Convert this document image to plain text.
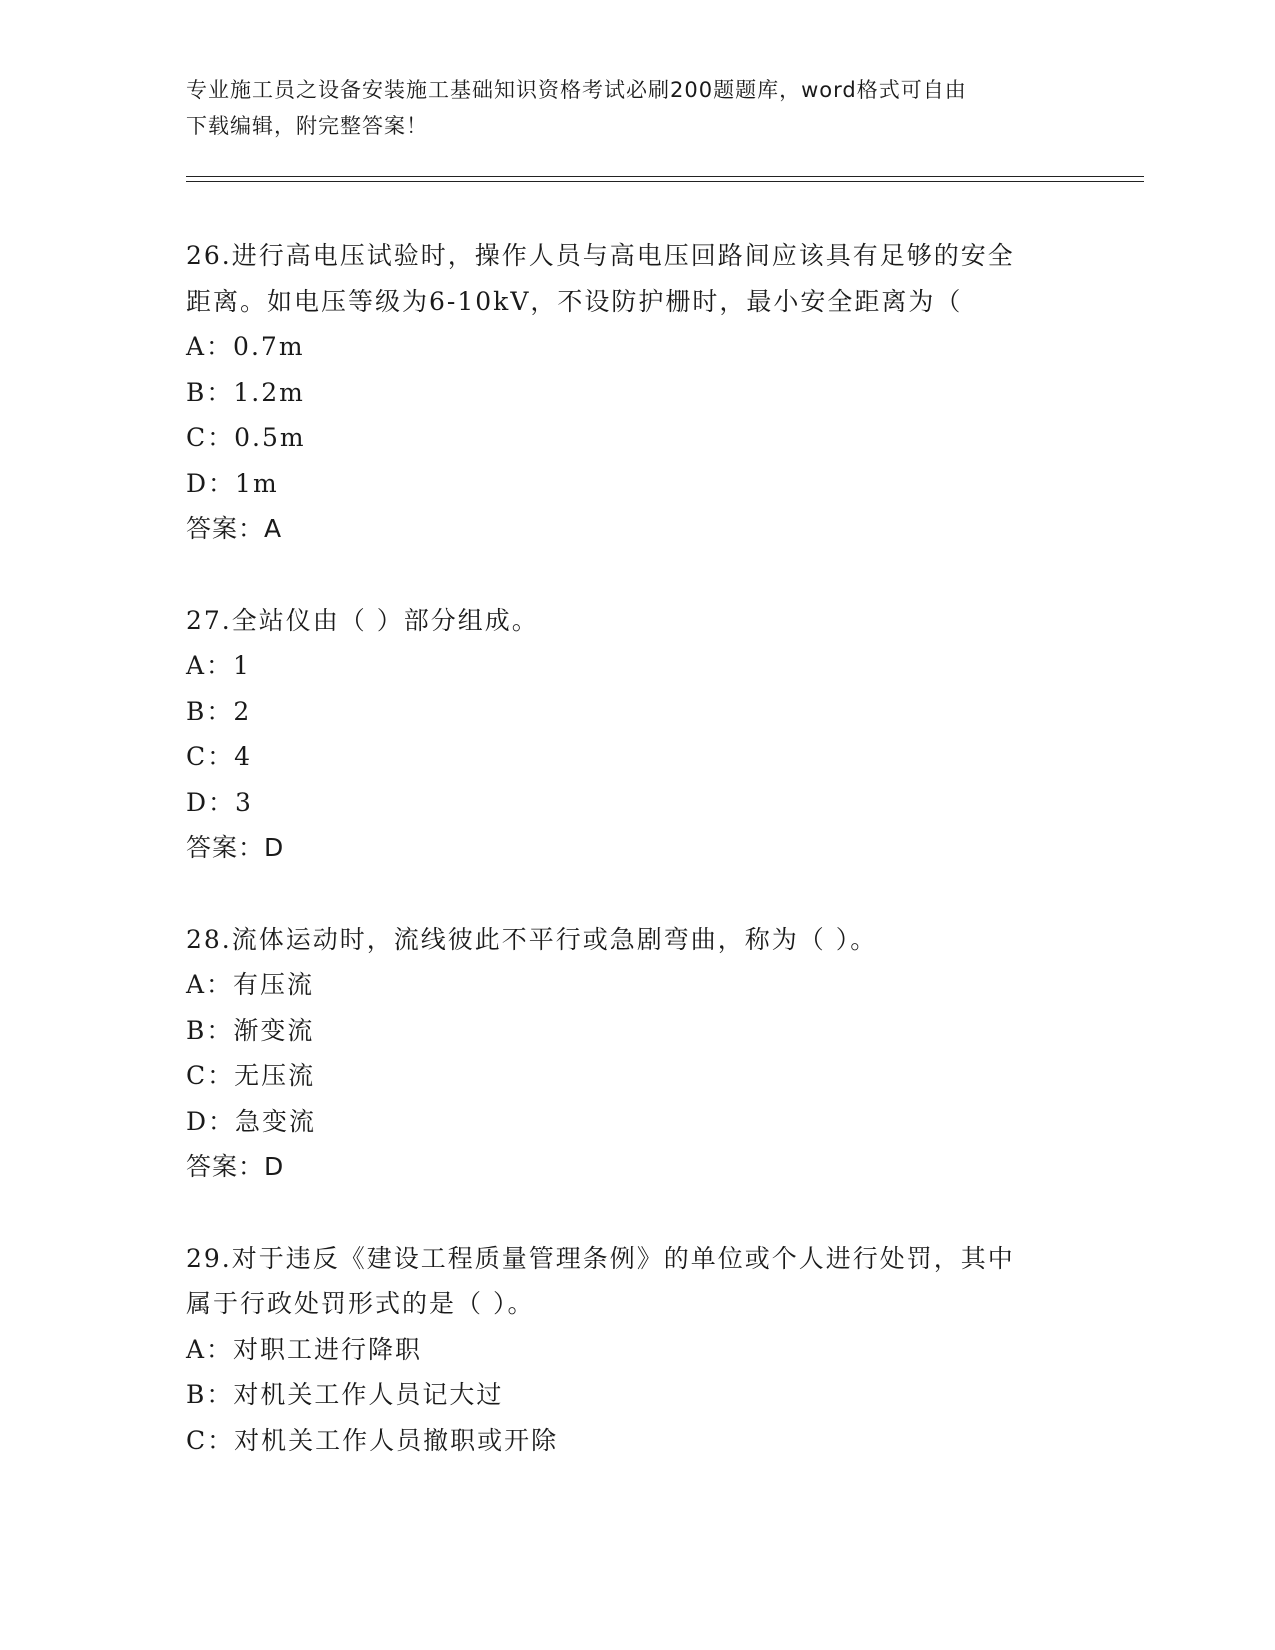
专业施工员之设备安装施工基础知识资格考试必刷200题题库，word格式可自由
下载编辑，附完整答案！
26.进行高电压试验时，操作人员与高电压回路间应该具有足够的安全
距离。如电压等级为6-10kV，不设防护栅时，最小安全距离为（
A：0.7m
B：1.2m
C：0.5m
D：1m
答案：A
27.全站仪由（ ）部分组成。
A：1
B：2
C：4
D：3
答案：D
28.流体运动时，流线彼此不平行或急剧弯曲，称为（ ）。
A：有压流
B：渐变流
C：无压流
D：急变流
答案：D
29.对于违反《建设工程质量管理条例》的单位或个人进行处罚，其中
属于行政处罚形式的是（ ）。
A：对职工进行降职
B：对机关工作人员记大过
C：对机关工作人员撤职或开除
